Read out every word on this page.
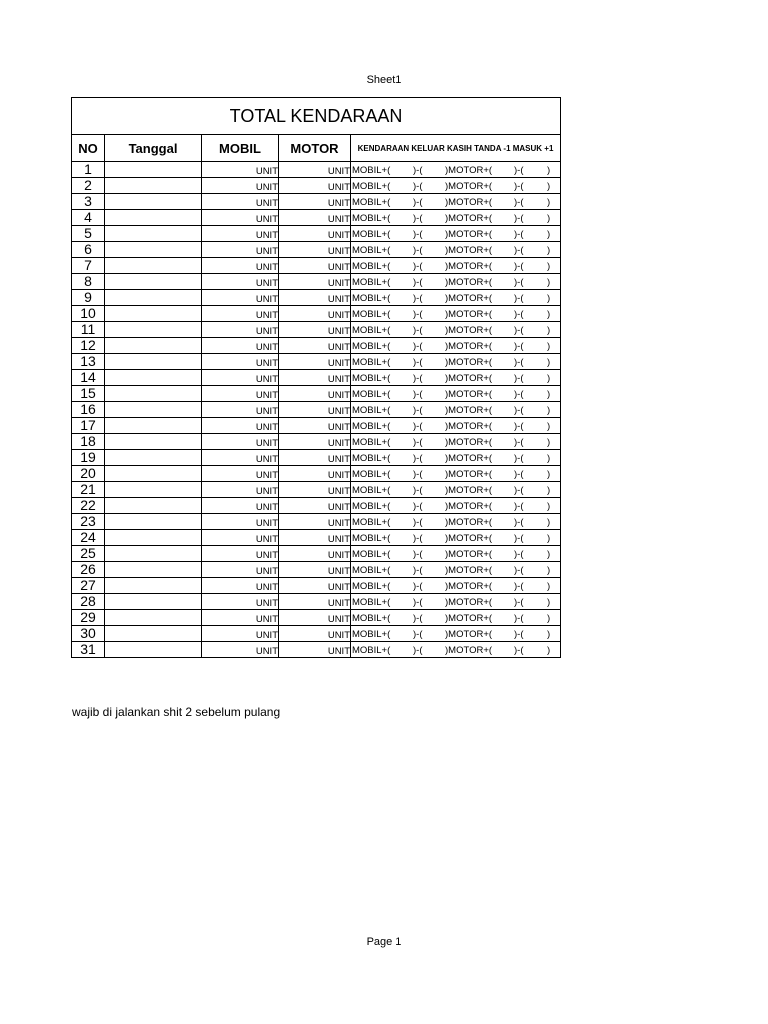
Sheet1
TOTAL KENDARAAN				
NO	Tanggal	MOBIL	MOTOR	KENDARAAN KELUAR KASIH TANDA -1 MASUK +1
1		UNIT	UNIT	MOBIL+( )-( )MOTOR+( )-( )

2		UNIT	UNIT	MOBIL+( )-( )MOTOR+( )-( )

3		UNIT	UNIT	MOBIL+( )-( )MOTOR+( )-( )

4		UNIT	UNIT	MOBIL+( )-( )MOTOR+( )-( )

5		UNIT	UNIT	MOBIL+( )-( )MOTOR+( )-( )

6		UNIT	UNIT	MOBIL+( )-( )MOTOR+( )-( )

7		UNIT	UNIT	MOBIL+( )-( )MOTOR+( )-( )

8		UNIT	UNIT	MOBIL+( )-( )MOTOR+( )-( )

9		UNIT	UNIT	MOBIL+( )-( )MOTOR+( )-( )

10		UNIT	UNIT	MOBIL+( )-( )MOTOR+( )-( )

11		UNIT	UNIT	MOBIL+( )-( )MOTOR+( )-( )

12		UNIT	UNIT	MOBIL+( )-( )MOTOR+( )-( )

13		UNIT	UNIT	MOBIL+( )-( )MOTOR+( )-( )

14		UNIT	UNIT	MOBIL+( )-( )MOTOR+( )-( )

15		UNIT	UNIT	MOBIL+( )-( )MOTOR+( )-( )

16		UNIT	UNIT	MOBIL+( )-( )MOTOR+( )-( )

17		UNIT	UNIT	MOBIL+( )-( )MOTOR+( )-( )

18		UNIT	UNIT	MOBIL+( )-( )MOTOR+( )-( )

19		UNIT	UNIT	MOBIL+( )-( )MOTOR+( )-( )

20		UNIT	UNIT	MOBIL+( )-( )MOTOR+( )-( )

21		UNIT	UNIT	MOBIL+( )-( )MOTOR+( )-( )

22		UNIT	UNIT	MOBIL+( )-( )MOTOR+( )-( )

23		UNIT	UNIT	MOBIL+( )-( )MOTOR+( )-( )

24		UNIT	UNIT	MOBIL+( )-( )MOTOR+( )-( )

25		UNIT	UNIT	MOBIL+( )-( )MOTOR+( )-( )

26		UNIT	UNIT	MOBIL+( )-( )MOTOR+( )-( )

27		UNIT	UNIT	MOBIL+( )-( )MOTOR+( )-( )

28		UNIT	UNIT	MOBIL+( )-( )MOTOR+( )-( )

29		UNIT	UNIT	MOBIL+( )-( )MOTOR+( )-( )

30		UNIT	UNIT	MOBIL+( )-( )MOTOR+( )-( )

31		UNIT	UNIT	MOBIL+( )-( )MOTOR+( )-( )
wajib di jalankan shit 2 sebelum pulang
Page 1
